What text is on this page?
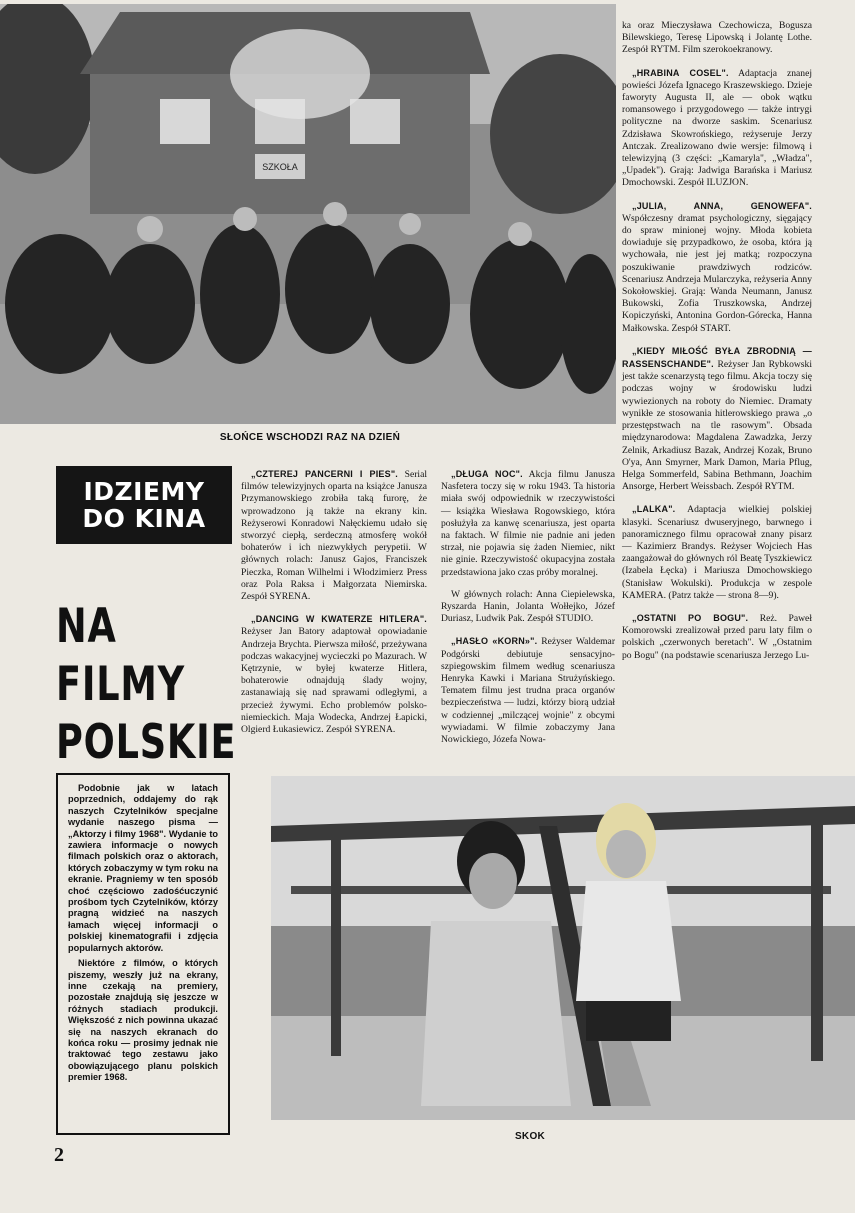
SZKOŁA
SŁOŃCE WSCHODZI RAZ NA DZIEŃ

ka oraz Mieczysława Czechowicza, Bogusza Bilewskiego, Teresę Lipowską i Jolantę Lothe. Zespół RYTM. Film szerokoekranowy.

„HRABINA COSEL". Adaptacja znanej powieści Józefa Ignacego Kraszewskiego. Dzieje faworyty Augusta II, ale — obok wątku romansowego i przygodowego — także intrygi polityczne na dworze saskim. Scenariusz Zdzisława Skowrońskiego, reżyseruje Jerzy Antczak. Zrealizowano dwie wersje: filmową i telewizyjną (3 części: „Kamaryla", „Władza", „Upadek"). Grają: Jadwiga Barańska i Mariusz Dmochowski. Zespół ILUZJON.

„JULIA, ANNA, GENOWEFA". Współczesny dramat psychologiczny, sięgający do spraw minionej wojny. Młoda kobieta dowiaduje się przypadkowo, że osoba, która ją wychowała, nie jest jej matką; rozpoczyna poszukiwanie prawdziwych rodziców. Scenariusz Andrzeja Mularczyka, reżyseria Anny Sokołowskiej. Grają: Wanda Neumann, Janusz Bukowski, Zofia Truszkowska, Andrzej Kopiczyński, Antonina Gordon-Górecka, Hanna Małkowska. Zespół START.

„KIEDY MIŁOŚĆ BYŁA ZBRODNIĄ — RASSENSCHANDE". Reżyser Jan Rybkowski jest także scenarzystą tego filmu. Akcja toczy się podczas wojny w środowisku ludzi wywiezionych na roboty do Niemiec. Dramaty wynikłe ze stosowania hitlerowskiego prawa „o przestępstwach na tle rasowym". Obsada międzynarodowa: Magdalena Zawadzka, Jerzy Zelnik, Arkadiusz Bazak, Andrzej Kozak, Bruno O'ya, Ann Smyrner, Mark Damon, Maria Pflug, Helga Sommerfeld, Sabina Bethmann, Joachim Ansorge, Herbert Weissbach. Zespół RYTM.

„LALKA". Adaptacja wielkiej polskiej klasyki. Scenariusz dwuseryjnego, barwnego i panoramicznego filmu opracował znany pisarz — Kazimierz Brandys. Reżyser Wojciech Has zaangażował do głównych ról Beatę Tyszkiewicz (Izabela Łęcka) i Mariusza Dmochowskiego (Stanisław Wokulski). Produkcja w zespole KAMERA. (Patrz także — strona 8—9).

„OSTATNI PO BOGU". Reż. Paweł Komorowski zrealizował przed paru laty film o polskich „czerwonych beretach". W „Ostatnim po Bogu" (na podstawie scenariusza Jerzego Lu-

IDZIEMY
DO KINA
NA FILMY
POLSKIE

„CZTEREJ PANCERNI I PIES". Serial filmów telewizyjnych oparta na książce Janusza Przymanowskiego zrobiła taką furorę, że wprowadzono ją także na ekrany kin. Reżyserowi Konradowi Nałęckiemu udało się stworzyć ciepłą, serdeczną atmosferę wokół bohaterów i ich niezwykłych perypetii. W głównych rolach: Janusz Gajos, Franciszek Pieczka, Roman Wilhelmi i Włodzimierz Press oraz Pola Raksa i Małgorzata Niemirska. Zespół SYRENA.

„DANCING W KWATERZE HITLERA". Reżyser Jan Batory adaptował opowiadanie Andrzeja Brychta. Pierwsza miłość, przeżywana podczas wakacyjnej wycieczki po Mazurach. W Kętrzynie, w byłej kwaterze Hitlera, bohaterowie odnajdują ślady wojny, zastanawiają się nad sprawami odległymi, a przecież żywymi. Echo problemów polsko-niemieckich. Maja Wodecka, Andrzej Łapicki, Olgierd Łukasiewicz. Zespół SYRENA.

„DŁUGA NOC". Akcja filmu Janusza Nasfetera toczy się w roku 1943. Ta historia miała swój odpowiednik w rzeczywistości — książka Wiesława Rogowskiego, która posłużyła za kanwę scenariusza, jest oparta na faktach. W filmie nie padnie ani jeden strzał, nie pojawia się żaden Niemiec, nikt nie ginie. Rzeczywistość okupacyjna została przedstawiona jako czas próby moralnej.

W głównych rolach: Anna Ciepielewska, Ryszarda Hanin, Jolanta Wołłejko, Józef Duriasz, Ludwik Pak. Zespół STUDIO.

„HASŁO «KORN»". Reżyser Waldemar Podgórski debiutuje sensacyjno-szpiegowskim filmem według scenariusza Henryka Kawki i Mariana Strużyńskiego. Tematem filmu jest trudna praca organów bezpieczeństwa — ludzi, którzy biorą udział w codziennej „milczącej wojnie" z obcymi wywiadami. W filmie zobaczymy Jana Nowickiego, Józefa Nowa-

Podobnie jak w latach poprzednich, oddajemy do rąk naszych Czytelników specjalne wydanie naszego pisma — „Aktorzy i filmy 1968". Wydanie to zawiera informacje o nowych filmach polskich oraz o aktorach, których zobaczymy w tym roku na ekranie. Pragniemy w ten sposób choć częściowo zadośćuczynić prośbom tych Czytelników, którzy pragną widzieć na naszych łamach więcej informacji o polskiej kinematografii i zdjęcia popularnych aktorów.

Niektóre z filmów, o których piszemy, weszły już na ekrany, inne czekają na premiery, pozostałe znajdują się jeszcze w różnych stadiach produkcji. Większość z nich powinna ukazać się na naszych ekranach do końca roku — prosimy jednak nie traktować tego zestawu jako obowiązującego planu polskich premier 1968.

SKOK
2
